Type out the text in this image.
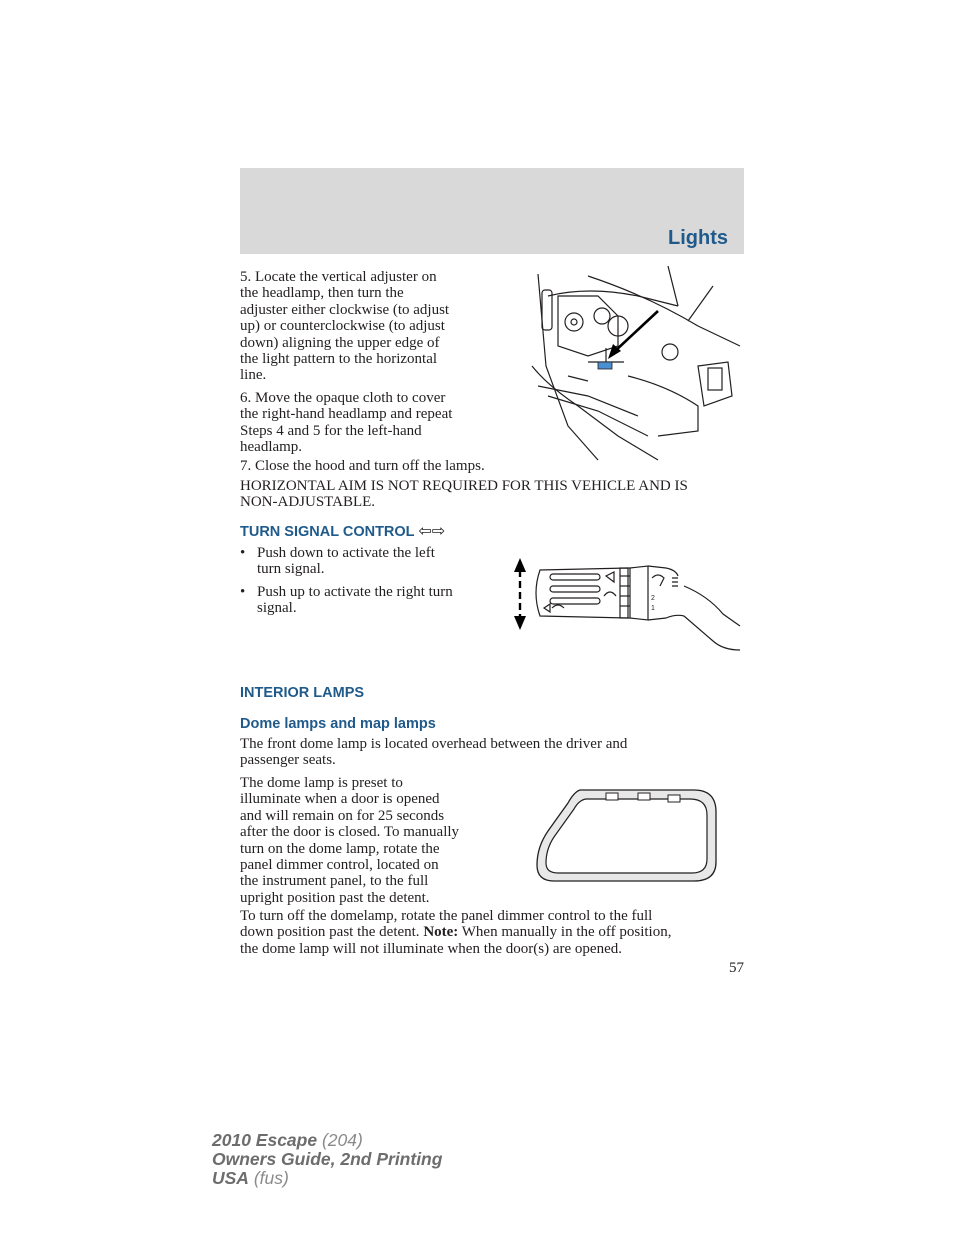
Lights
5. Locate the vertical adjuster on
the headlamp, then turn the
adjuster either clockwise (to adjust
up) or counterclockwise (to adjust
down) aligning the upper edge of
the light pattern to the horizontal
line.
6. Move the opaque cloth to cover
the right-hand headlamp and repeat
Steps 4 and 5 for the left-hand
headlamp.
7. Close the hood and turn off the lamps.
HORIZONTAL AIM IS NOT REQUIRED FOR THIS VEHICLE AND IS
NON-ADJUSTABLE.
TURN SIGNAL CONTROL ⇦⇨
• Push down to activate the left
turn signal.
• Push up to activate the right turn
signal.
2
1
INTERIOR LAMPS
Dome lamps and map lamps
The front dome lamp is located overhead between the driver and
passenger seats.
The dome lamp is preset to
illuminate when a door is opened
and will remain on for 25 seconds
after the door is closed. To manually
turn on the dome lamp, rotate the
panel dimmer control, located on
the instrument panel, to the full
upright position past the detent.
To turn off the domelamp, rotate the panel dimmer control to the full
down position past the detent. Note: When manually in the off position,
the dome lamp will not illuminate when the door(s) are opened.
57
2010 Escape (204)
Owners Guide, 2nd Printing
USA (fus)
